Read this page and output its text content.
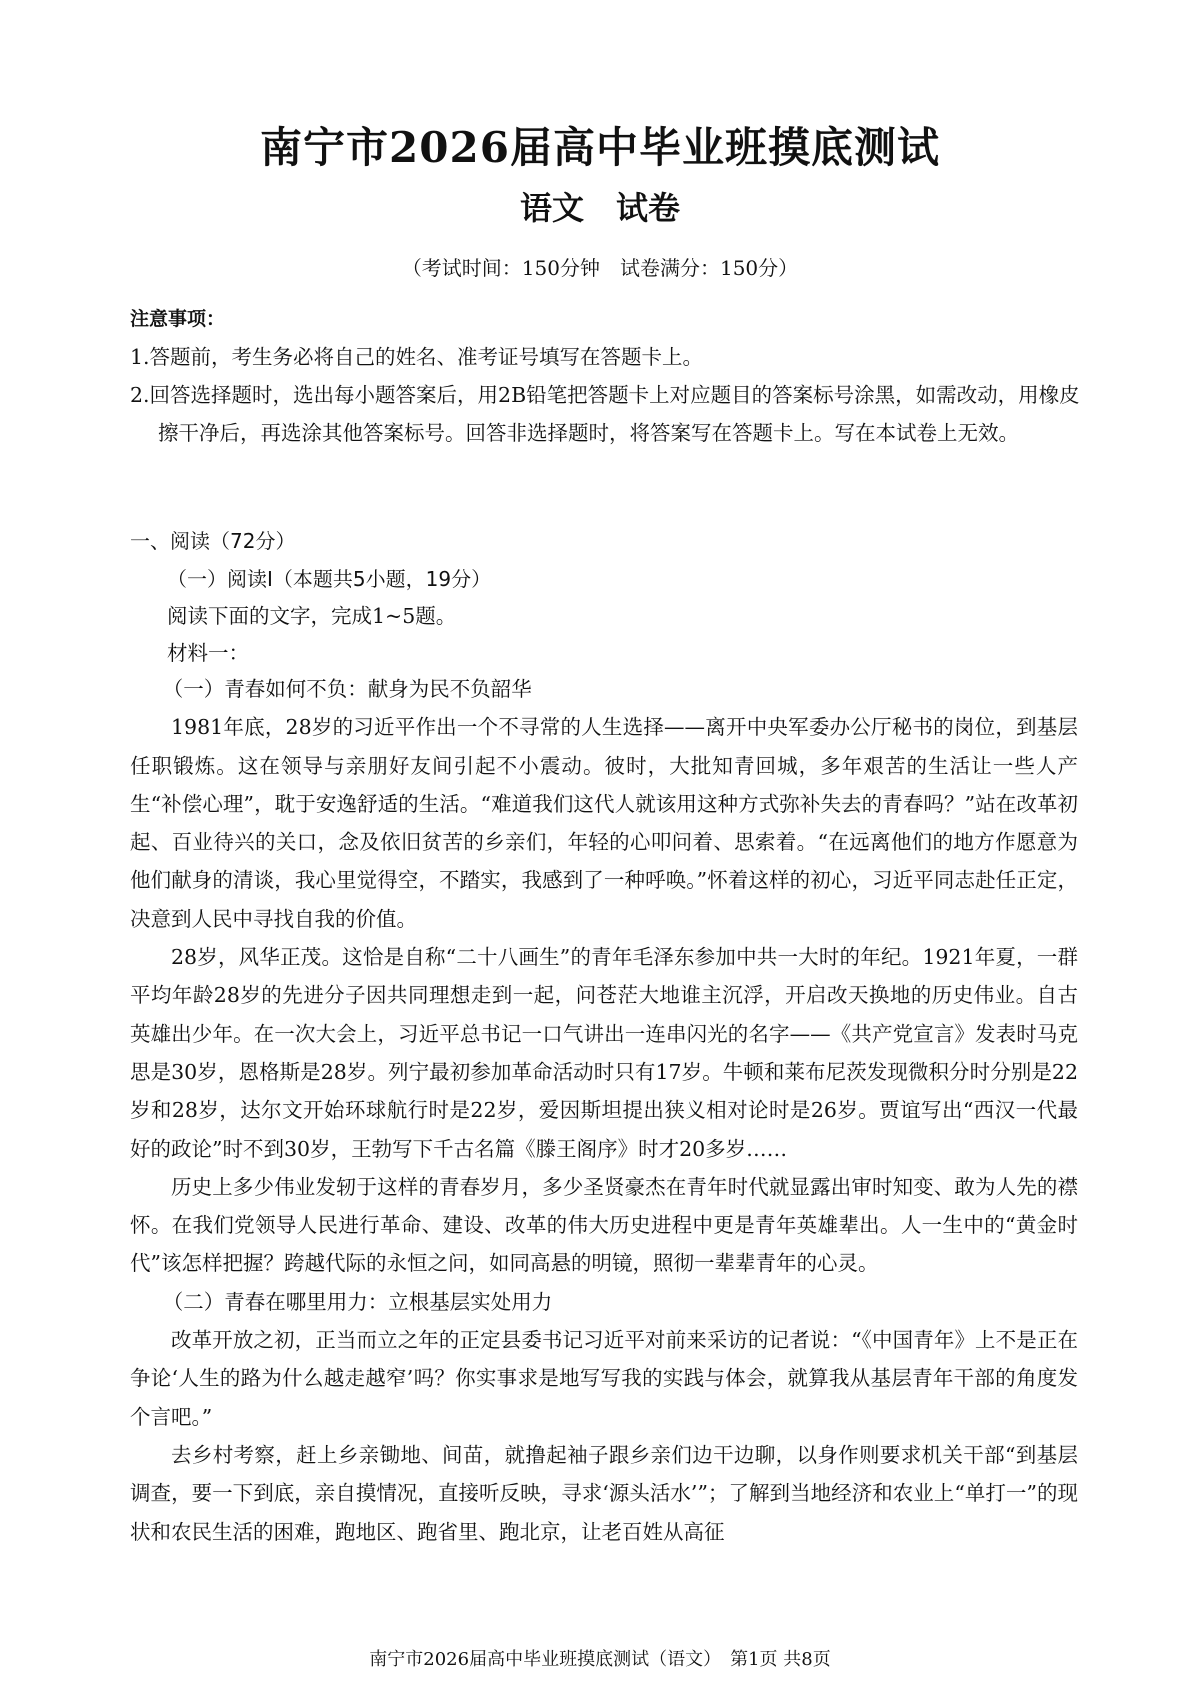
南宁市2026届高中毕业班摸底测试
语文　试卷
（考试时间：150分钟　试卷满分：150分）
注意事项：
1.答题前，考生务必将自己的姓名、准考证号填写在答题卡上。
2.回答选择题时，选出每小题答案后，用2B铅笔把答题卡上对应题目的答案标号涂黑，如需改动，用橡皮擦干净后，再选涂其他答案标号。回答非选择题时，将答案写在答题卡上。写在本试卷上无效。
一、阅读（72分）
（一）阅读Ⅰ（本题共5小题，19分）
阅读下面的文字，完成1~5题。
材料一：

（一）青春如何不负：献身为民不负韶华

1981年底，28岁的习近平作出一个不寻常的人生选择——离开中央军委办公厅秘书的岗位，到基层任职锻炼。这在领导与亲朋好友间引起不小震动。彼时，大批知青回城，多年艰苦的生活让一些人产生“补偿心理”，耽于安逸舒适的生活。“难道我们这代人就该用这种方式弥补失去的青春吗？”站在改革初起、百业待兴的关口，念及依旧贫苦的乡亲们，年轻的心叩问着、思索着。“在远离他们的地方作愿意为他们献身的清谈，我心里觉得空，不踏实，我感到了一种呼唤。”怀着这样的初心，习近平同志赴任正定，决意到人民中寻找自我的价值。

28岁，风华正茂。这恰是自称“二十八画生”的青年毛泽东参加中共一大时的年纪。1921年夏，一群平均年龄28岁的先进分子因共同理想走到一起，问苍茫大地谁主沉浮，开启改天换地的历史伟业。自古英雄出少年。在一次大会上，习近平总书记一口气讲出一连串闪光的名字——《共产党宣言》发表时马克思是30岁，恩格斯是28岁。列宁最初参加革命活动时只有17岁。牛顿和莱布尼茨发现微积分时分别是22岁和28岁，达尔文开始环球航行时是22岁，爱因斯坦提出狭义相对论时是26岁。贾谊写出“西汉一代最好的政论”时不到30岁，王勃写下千古名篇《滕王阁序》时才20多岁……

历史上多少伟业发轫于这样的青春岁月，多少圣贤豪杰在青年时代就显露出审时知变、敢为人先的襟怀。在我们党领导人民进行革命、建设、改革的伟大历史进程中更是青年英雄辈出。人一生中的“黄金时代”该怎样把握？跨越代际的永恒之问，如同高悬的明镜，照彻一辈辈青年的心灵。

（二）青春在哪里用力：立根基层实处用力

改革开放之初，正当而立之年的正定县委书记习近平对前来采访的记者说：“《中国青年》上不是正在争论‘人生的路为什么越走越窄’吗？你实事求是地写写我的实践与体会，就算我从基层青年干部的角度发个言吧。”

去乡村考察，赶上乡亲锄地、间苗，就撸起袖子跟乡亲们边干边聊，以身作则要求机关干部“到基层调查，要一下到底，亲自摸情况，直接听反映，寻求‘源头活水’”；了解到当地经济和农业上“单打一”的现状和农民生活的困难，跑地区、跑省里、跑北京，让老百姓从高征

南宁市2026届高中毕业班摸底测试（语文）　第1页 共8页
